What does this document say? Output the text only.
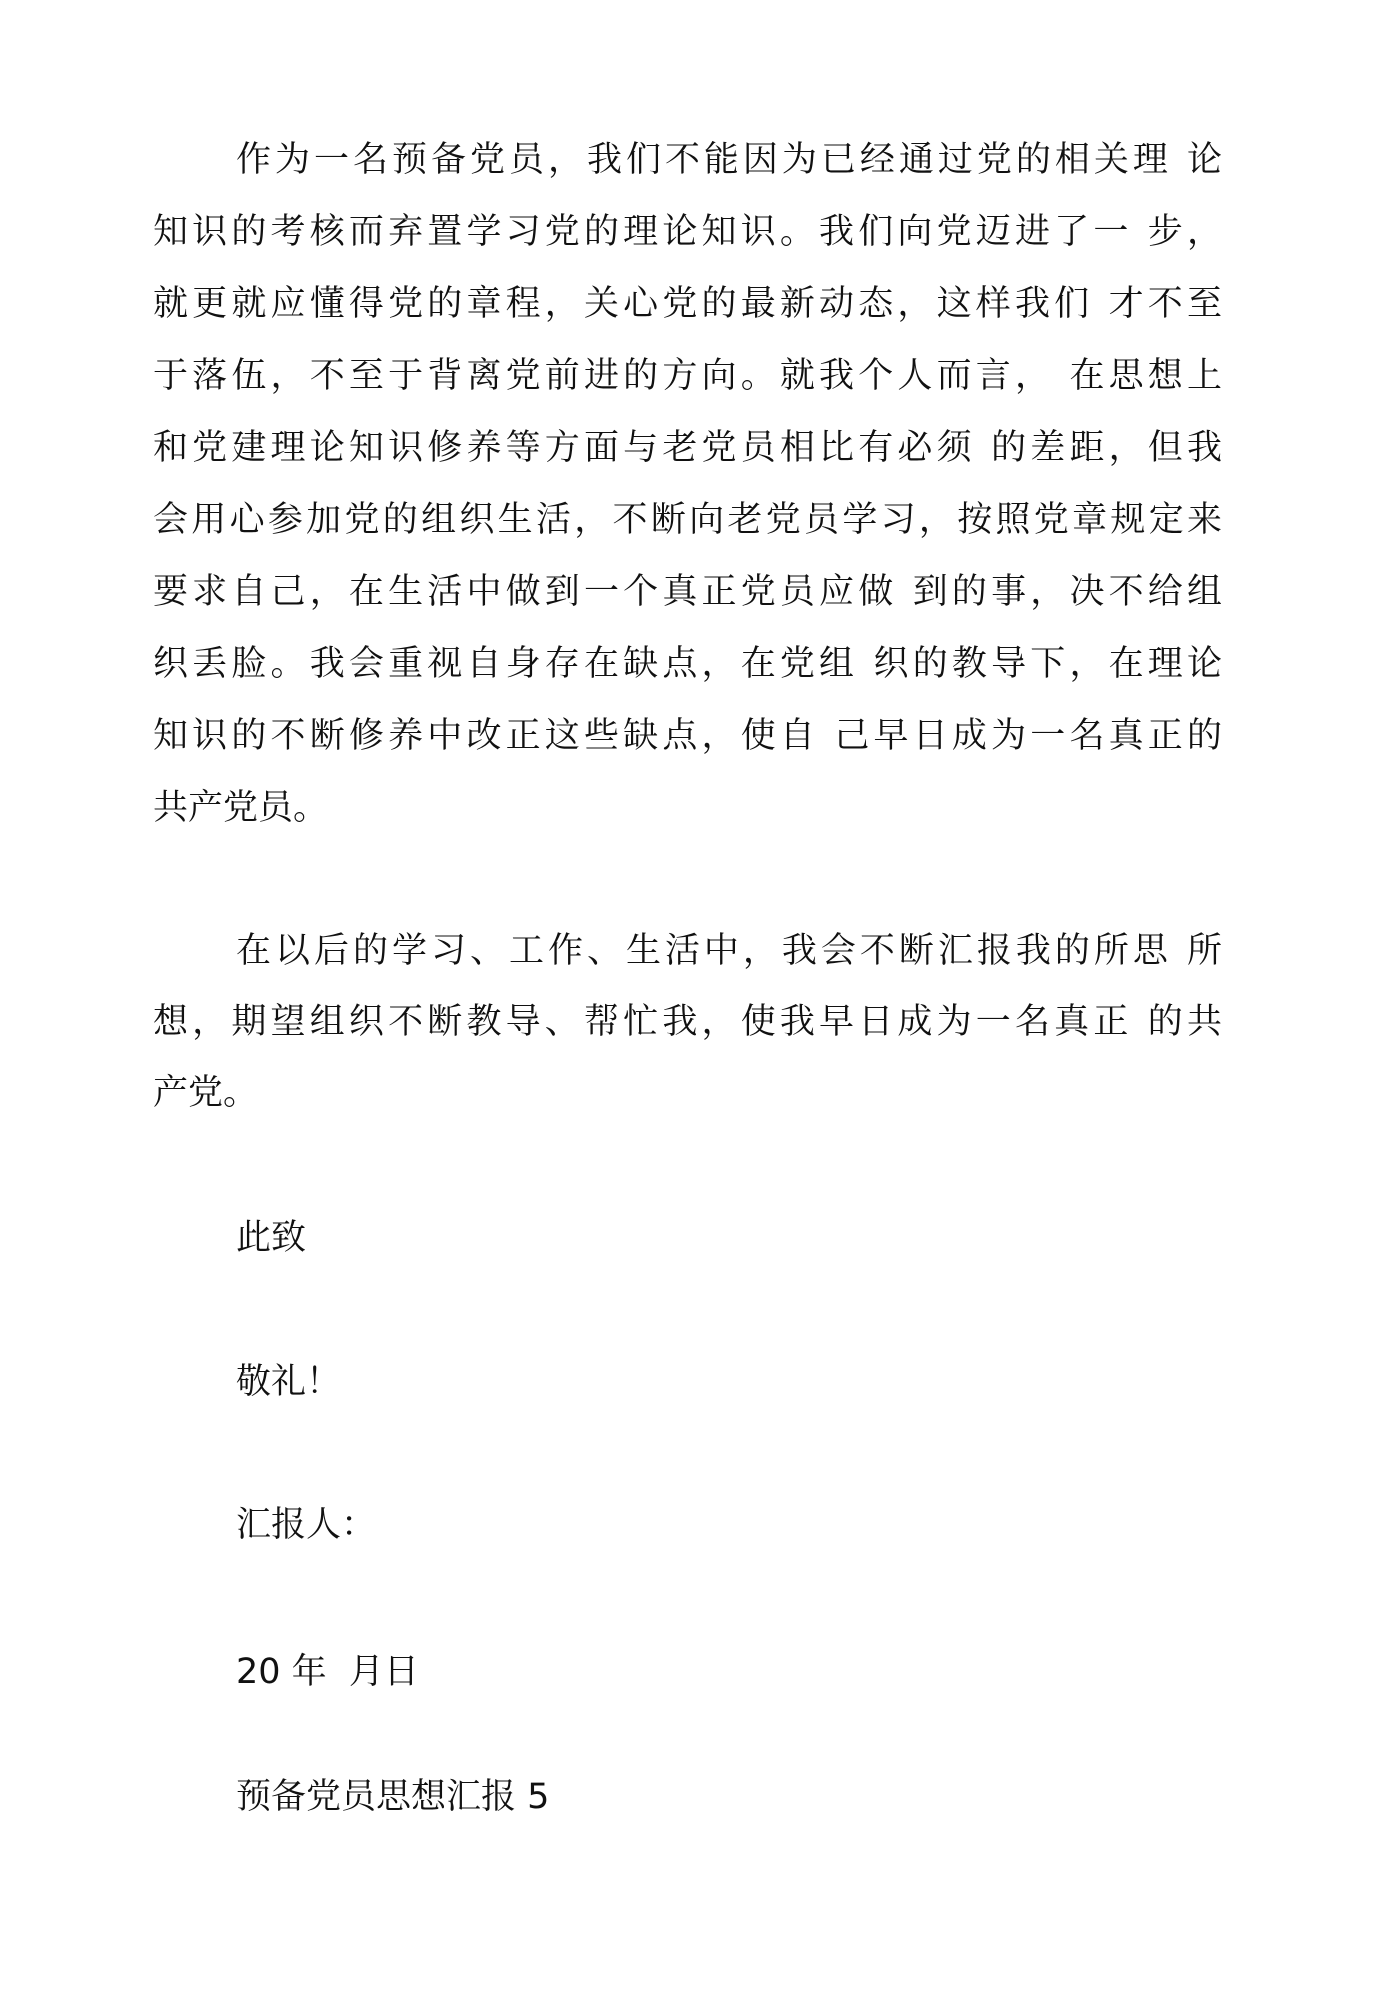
作为一名预备党员，我们不能因为已经通过党的相关理 论
知识的考核而弃置学习党的理论知识。我们向党迈进了一 步，
就更就应懂得党的章程，关心党的最新动态，这样我们 才不至
于落伍，不至于背离党前进的方向。就我个人而言， 在思想上
和党建理论知识修养等方面与老党员相比有必须 的差距，但我
会用心参加党的组织生活，不断向老党员学习，按照党章规定来
要求自己，在生活中做到一个真正党员应做 到的事，决不给组
织丢脸。我会重视自身存在缺点，在党组 织的教导下，在理论
知识的不断修养中改正这些缺点，使自 己早日成为一名真正的
共产党员。
在以后的学习、工作、生活中，我会不断汇报我的所思 所
想，期望组织不断教导、帮忙我，使我早日成为一名真正 的共
产党。
此致
敬礼！
汇报人：
20 年  月日
预备党员思想汇报 5
